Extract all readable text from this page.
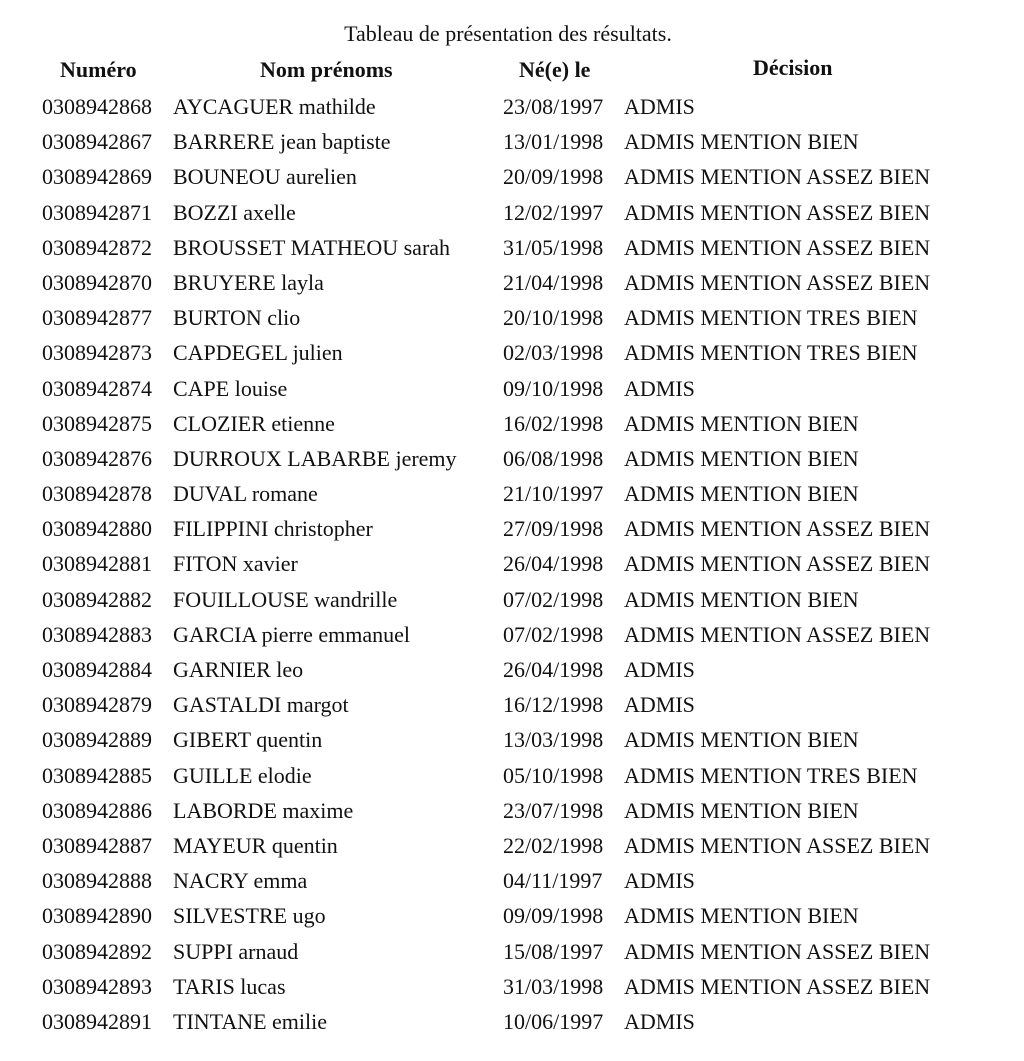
Tableau de présentation des résultats.
Numéro	Nom prénoms	Né(e) le	Décision
0308942868 AYCAGUER mathilde	23/08/1997 ADMIS
0308942867 BARRERE jean baptiste	13/01/1998 ADMIS MENTION BIEN
0308942869 BOUNEOU aurelien	20/09/1998 ADMIS MENTION ASSEZ BIEN
0308942871 BOZZI axelle	12/02/1997 ADMIS MENTION ASSEZ BIEN
0308942872 BROUSSET MATHEOU sarah 31/05/1998 ADMIS MENTION ASSEZ BIEN
0308942870 BRUYERE layla	21/04/1998 ADMIS MENTION ASSEZ BIEN
0308942877 BURTON clio	20/10/1998 ADMIS MENTION TRES BIEN
0308942873 CAPDEGEL julien	02/03/1998 ADMIS MENTION TRES BIEN
0308942874 CAPE louise	09/10/1998 ADMIS
0308942875 CLOZIER etienne	16/02/1998 ADMIS MENTION BIEN
0308942876 DURROUX LABARBE jeremy 06/08/1998 ADMIS MENTION BIEN
0308942878 DUVAL romane	21/10/1997 ADMIS MENTION BIEN
0308942880 FILIPPINI christopher	27/09/1998 ADMIS MENTION ASSEZ BIEN
0308942881 FITON xavier	26/04/1998 ADMIS MENTION ASSEZ BIEN
0308942882 FOUILLOUSE wandrille	07/02/1998 ADMIS MENTION BIEN
0308942883 GARCIA pierre emmanuel	07/02/1998 ADMIS MENTION ASSEZ BIEN
0308942884 GARNIER leo	26/04/1998 ADMIS
0308942879 GASTALDI margot	16/12/1998 ADMIS
0308942889 GIBERT quentin	13/03/1998 ADMIS MENTION BIEN
0308942885 GUILLE elodie	05/10/1998 ADMIS MENTION TRES BIEN
0308942886 LABORDE maxime	23/07/1998 ADMIS MENTION BIEN
0308942887 MAYEUR quentin	22/02/1998 ADMIS MENTION ASSEZ BIEN
0308942888 NACRY emma	04/11/1997 ADMIS
0308942890 SILVESTRE ugo	09/09/1998 ADMIS MENTION BIEN
0308942892 SUPPI arnaud	15/08/1997 ADMIS MENTION ASSEZ BIEN
0308942893 TARIS lucas	31/03/1998 ADMIS MENTION ASSEZ BIEN
0308942891 TINTANE emilie	10/06/1997 ADMIS
